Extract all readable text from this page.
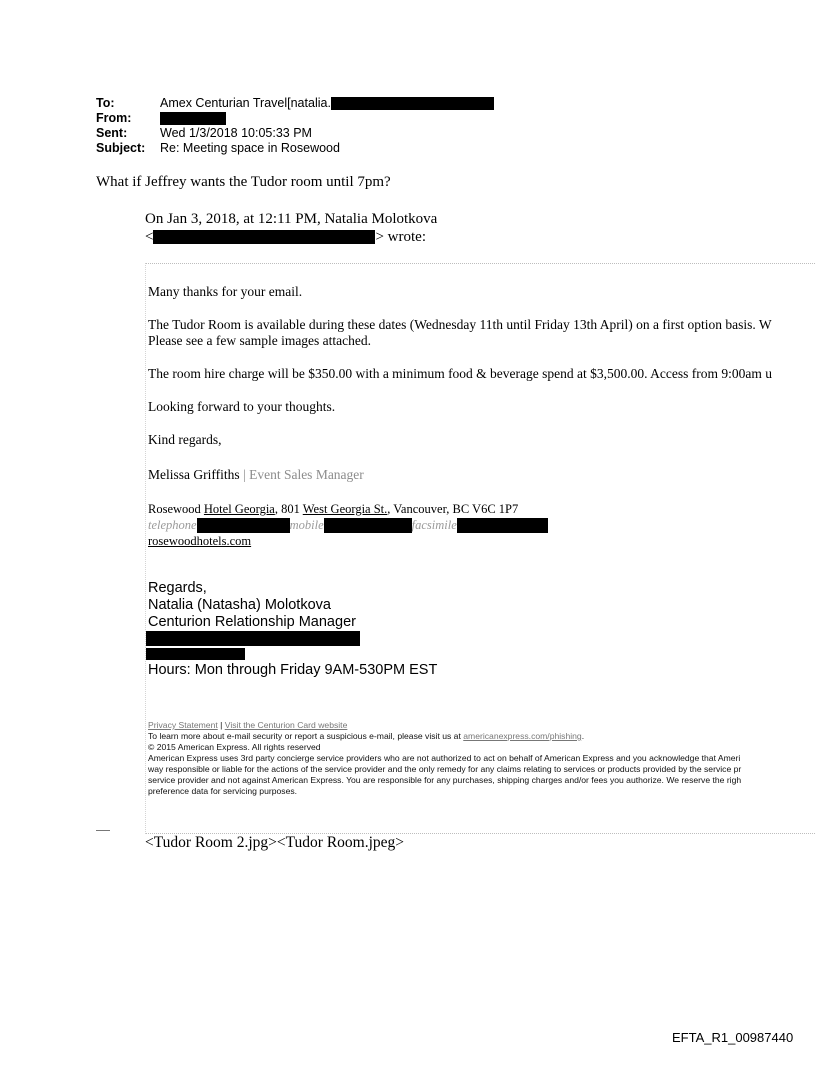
To:	Amex Centurian Travel[natalia.
From:
Sent:	Wed 1/3/2018 10:05:33 PM
Subject:	Re: Meeting space in Rosewood
What if Jeffrey wants the Tudor room until 7pm?
On Jan 3, 2018, at 12:11 PM, Natalia Molotkova
<	> wrote:
Many thanks for your email.
The Tudor Room is available during these dates (Wednesday 11th until Friday 13th April) on a first option basis. W
Please see a few sample images attached.
The room hire charge will be $350.00 with a minimum food & beverage spend at $3,500.00. Access from 9:00am u
Looking forward to your thoughts.
Kind regards,
Melissa Griffiths | Event Sales Manager
Rosewood Hotel Georgia, 801 West Georgia St., Vancouver, BC V6C 1P7
telephone	mobile	facsimile
rosewoodhotels.com
Regards,
Natalia (Natasha) Molotkova
Centurion Relationship Manager
Hours: Mon through Friday 9AM-530PM EST
Privacy Statement | Visit the Centurion Card website
To learn more about e-mail security or report a suspicious e-mail, please visit us at americanexpress.com/phishing.
© 2015 American Express. All rights reserved
American Express uses 3rd party concierge service providers who are not authorized to act on behalf of American Express and you acknowledge that Ameri
way responsible or liable for the actions of the service provider and the only remedy for any claims relating to services or products provided by the service pr
service provider and not against American Express. You are responsible for any purchases, shipping charges and/or fees you authorize. We reserve the righ
preference data for servicing purposes.
<Tudor Room 2.jpg><Tudor Room.jpeg>
EFTA_R1_00987440
